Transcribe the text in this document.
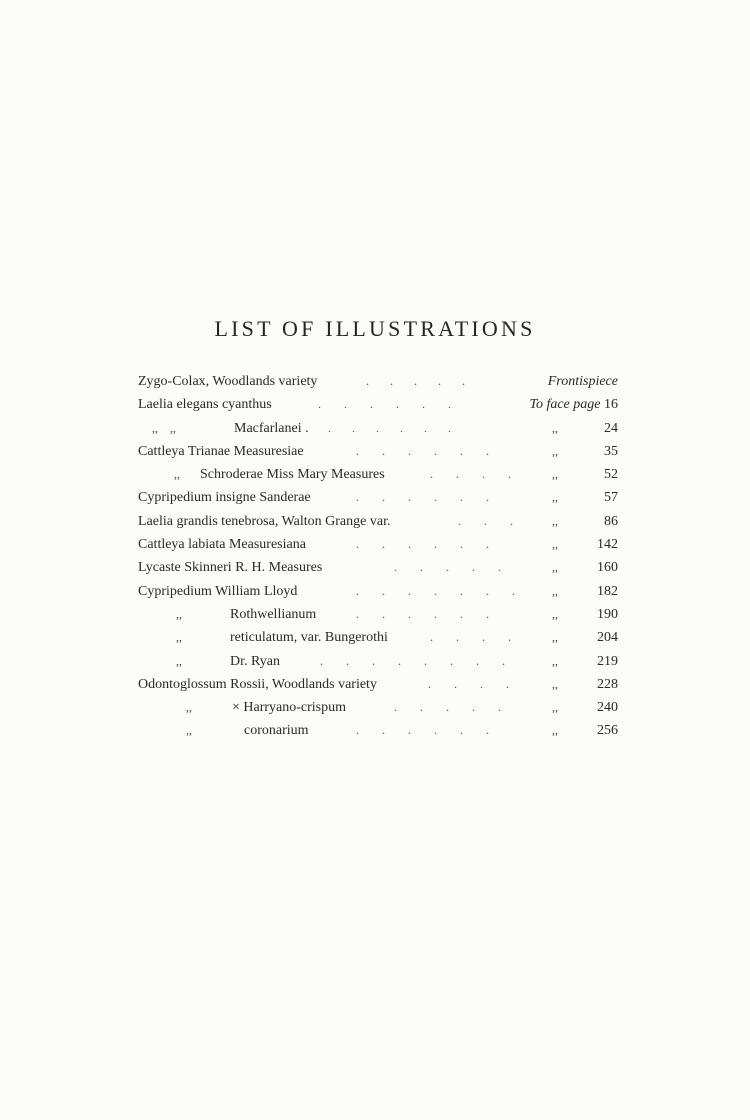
LIST OF ILLUSTRATIONS
Zygo-Colax, Woodlands variety	. . . . .	Frontispiece
Laelia elegans cyanthus	. . . . . .	To face page 16
,,    ,,	Macfarlanei . . . . . . .	,,	24
Cattleya Trianae Measuresiae	. . . . . .	,,	35
,, Schroderae Miss Mary Measures	. . . .	,,	52
Cypripedium insigne Sanderae	. . . . . .	,,	57
Laelia grandis tenebrosa, Walton Grange var.	. . .	,,	86
Cattleya labiata Measuresiana	. . . . . .	,,	142
Lycaste Skinneri R. H. Measures	. . . . .	,,	160
Cypripedium William Lloyd	. . . . . . .	,,	182
,,	Rothwellianum	. . . . . .	,,	190
,,	reticulatum, var. Bungerothi	. . . .	,,	204
,,	Dr. Ryan	. . . . . . . .	,,	219
Odontoglossum Rossii, Woodlands variety	. . . .	,,	228
,,	× Harryano-crispum	. . . . .	,,	240
,,	coronarium	. . . . . .	,,	256
